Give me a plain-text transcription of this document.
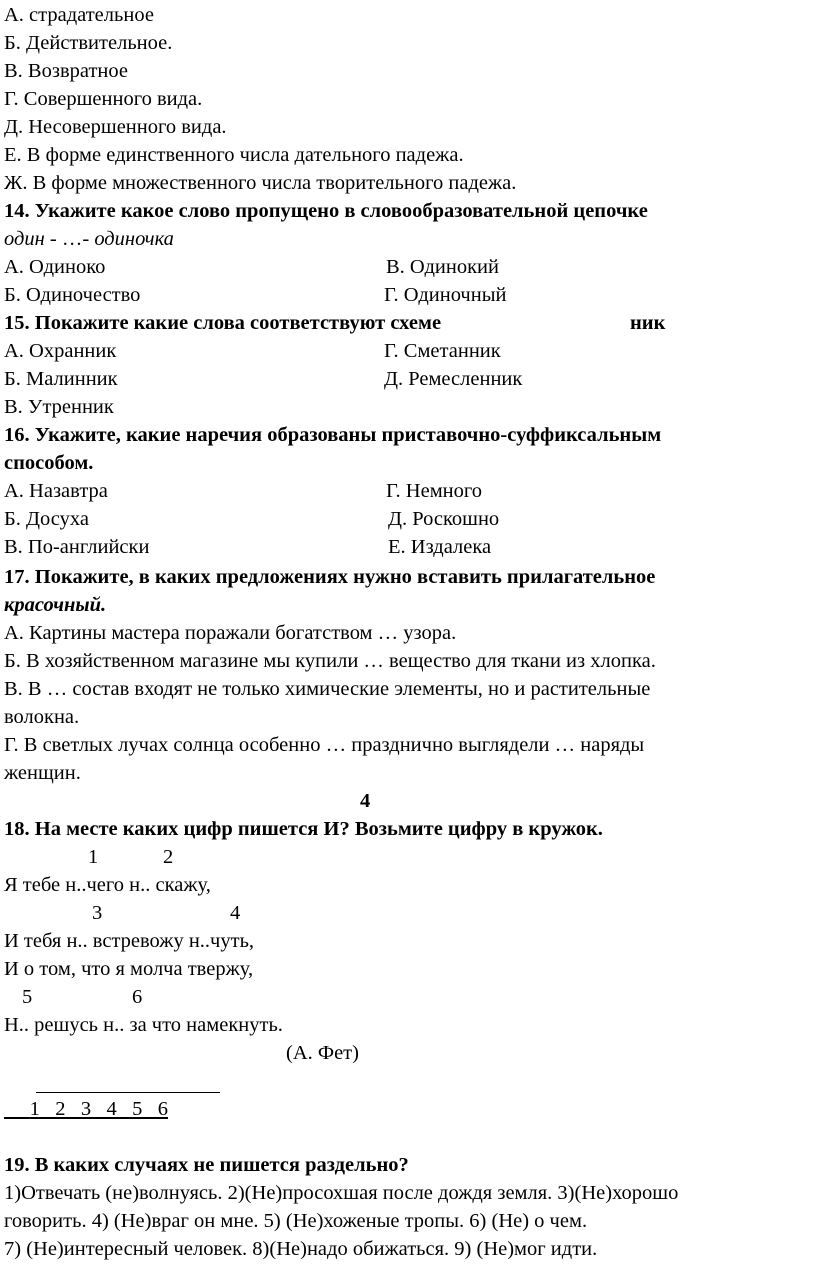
А. страдательное
Б. Действительное.
В. Возвратное
Г. Совершенного вида.
Д. Несовершенного вида.
Е. В форме единственного числа дательного падежа.
Ж. В форме множественного числа творительного падежа.
14. Укажите какое слово пропущено в словообразовательной цепочке
один - …- одиночка
А. Одиноко	В. Одинокий
Б. Одиночество	Г. Одиночный
15. Покажите какие слова соответствуют схеме	ник
А. Охранник	Г. Сметанник
Б. Малинник	Д. Ремесленник
В. Утренник
16. Укажите, какие наречия образованы приставочно-суффиксальным
способом.
А. Назавтра	Г. Немного
Б. Досуха	Д. Роскошно
В. По-английски	Е. Издалека
17. Покажите, в каких предложениях нужно вставить прилагательное
красочный.
А. Картины мастера поражали богатством … узора.
Б. В хозяйственном магазине мы купили … вещество для ткани из хлопка.
В. В … состав входят не только химические элементы, но и растительные
волокна.
Г. В светлых лучах солнца особенно … празднично выглядели … наряды
женщин.
4
18. На месте каких цифр пишется И? Возьмите цифру в кружок.
1	2
Я тебе н..чего н.. скажу,
3	4
И тебя н.. встревожу н..чуть,
И о том, что я молча твержу,
5	6
Н.. решусь н.. за что намекнуть.
(А. Фет)
1   2   3   4   5   6
19. В каких случаях не пишется раздельно?
1)Отвечать (не)волнуясь. 2)(Не)просохшая после дождя земля. 3)(Не)хорошо
говорить. 4) (Не)враг он мне. 5) (Не)хоженые тропы. 6) (Не) о чем.
7) (Не)интересный человек. 8)(Не)надо обижаться. 9) (Не)мог идти.
